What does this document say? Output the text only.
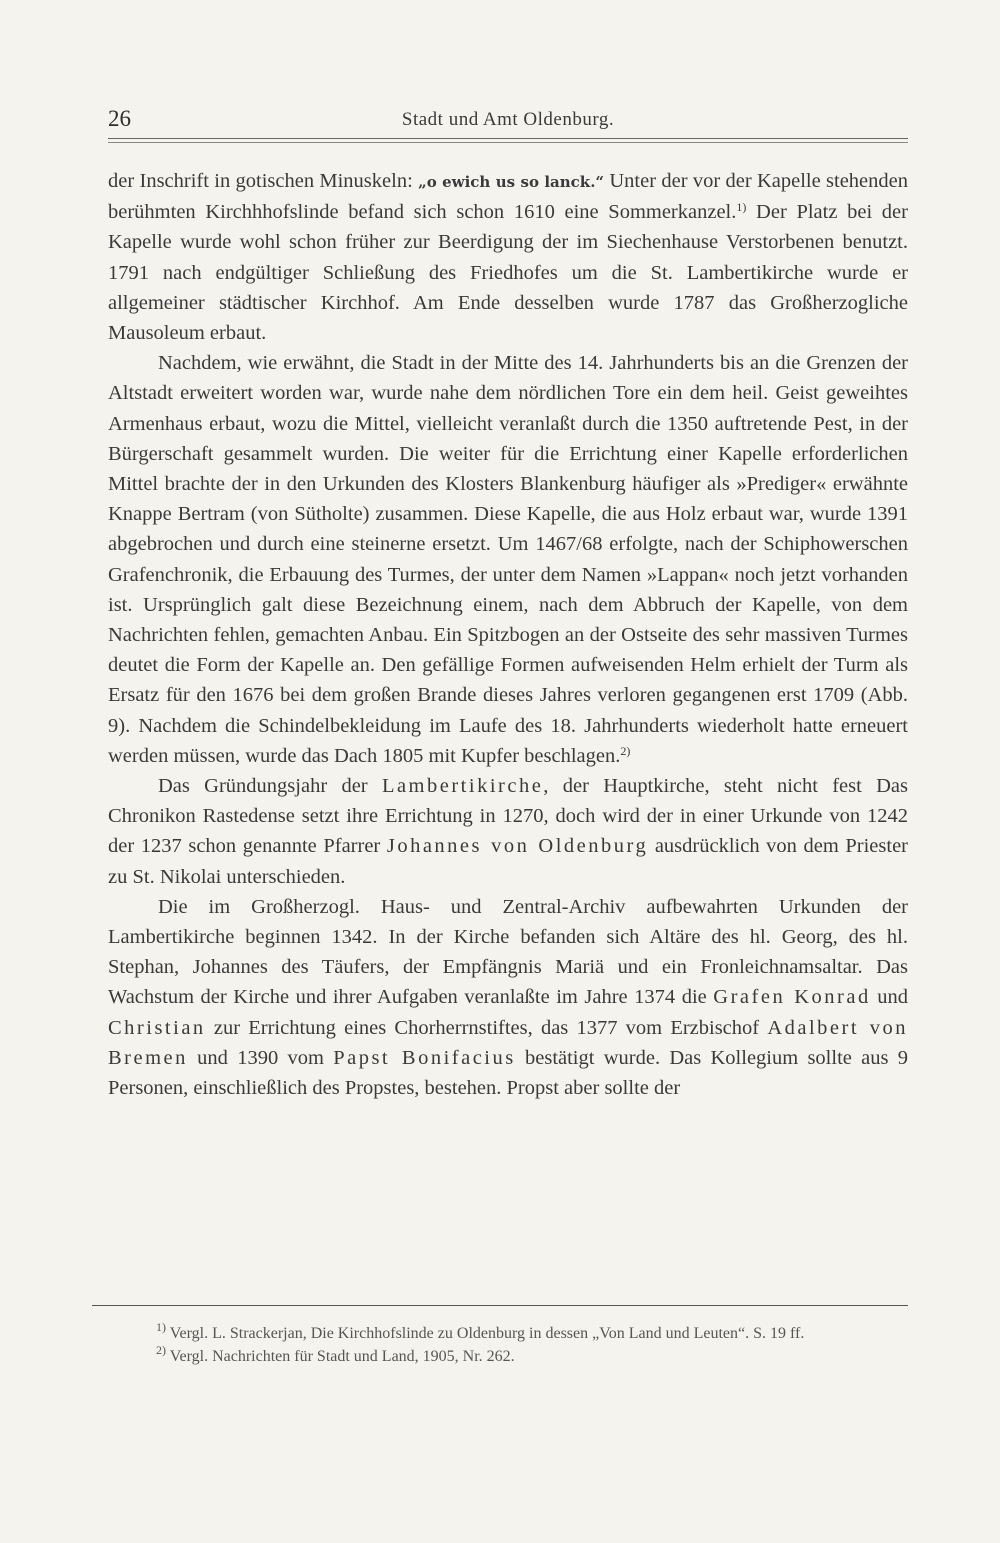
26	Stadt und Amt Oldenburg.

der Inschrift in gotischen Minuskeln: „o ewich us so lanck.“ Unter der vor der Kapelle stehenden berühmten Kirchhhofslinde befand sich schon 1610 eine Sommerkanzel.$^{1)}$ Der Platz bei der Kapelle wurde wohl schon früher zur Beerdigung der im Siechenhause Verstorbenen benutzt. 1791 nach endgültiger Schließung des Friedhofes um die St. Lambertikirche wurde er allgemeiner städtischer Kirchhof. Am Ende desselben wurde 1787 das Großherzogliche Mausoleum erbaut.

Nachdem, wie erwähnt, die Stadt in der Mitte des 14. Jahrhunderts bis an die Grenzen der Altstadt erweitert worden war, wurde nahe dem nördlichen Tore ein dem heil. Geist geweihtes Armenhaus erbaut, wozu die Mittel, vielleicht veranlaßt durch die 1350 auftretende Pest, in der Bürgerschaft gesammelt wurden. Die weiter für die Errichtung einer Kapelle erforderlichen Mittel brachte der in den Urkunden des Klosters Blankenburg häufiger als »Prediger« erwähnte Knappe Bertram (von Sütholte) zusammen. Diese Kapelle, die aus Holz erbaut war, wurde 1391 abgebrochen und durch eine steinerne ersetzt. Um 1467/68 erfolgte, nach der Schiphowerschen Grafenchronik, die Erbauung des Turmes, der unter dem Namen »Lappan« noch jetzt vorhanden ist. Ursprünglich galt diese Bezeichnung einem, nach dem Abbruch der Kapelle, von dem Nachrichten fehlen, gemachten Anbau. Ein Spitzbogen an der Ostseite des sehr massiven Turmes deutet die Form der Kapelle an. Den gefällige Formen aufweisenden Helm erhielt der Turm als Ersatz für den 1676 bei dem großen Brande dieses Jahres verloren gegangenen erst 1709 (Abb. 9). Nachdem die Schindelbekleidung im Laufe des 18. Jahrhunderts wiederholt hatte erneuert werden müssen, wurde das Dach 1805 mit Kupfer beschlagen.$^{2)}$

Das Gründungsjahr der Lambertikirche, der Hauptkirche, steht nicht fest Das Chronikon Rastedense setzt ihre Errichtung in 1270, doch wird der in einer Urkunde von 1242 der 1237 schon genannte Pfarrer Johannes von Oldenburg ausdrücklich von dem Priester zu St. Nikolai unterschieden.

Die im Großherzogl. Haus- und Zentral-Archiv aufbewahrten Urkunden der Lambertikirche beginnen 1342. In der Kirche befanden sich Altäre des hl. Georg, des hl. Stephan, Johannes des Täufers, der Empfängnis Mariä und ein Fronleichnamsaltar. Das Wachstum der Kirche und ihrer Aufgaben veranlaßte im Jahre 1374 die Grafen Konrad und Christian zur Errichtung eines Chorherrnstiftes, das 1377 vom Erzbischof Adalbert von Bremen und 1390 vom Papst Bonifacius bestätigt wurde. Das Kollegium sollte aus 9 Personen, einschließlich des Propstes, bestehen. Propst aber sollte der

$^{1)}$ Vergl. L. Strackerjan, Die Kirchhofslinde zu Oldenburg in dessen „Von Land und Leuten“. S. 19 ff.

$^{2)}$ Vergl. Nachrichten für Stadt und Land, 1905, Nr. 262.
